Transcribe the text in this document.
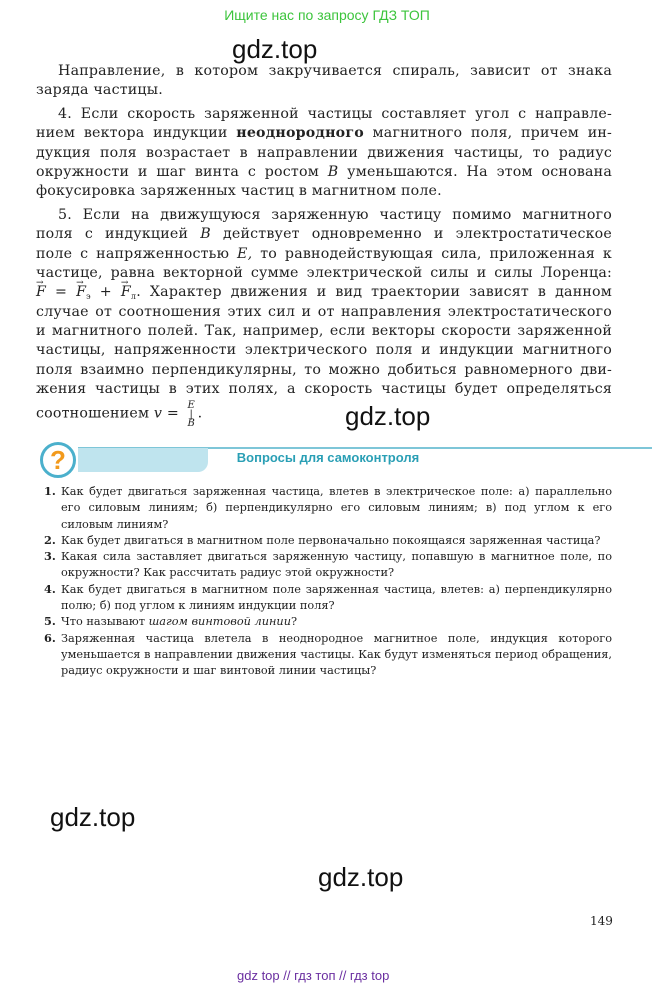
Ищите нас по запросу ГДЗ ТОП
gdz.top
Направление, в котором закручивается спираль, зависит от знака
заряда частицы.
4. Если скорость заряженной частицы составляет угол с направле-
нием вектора индукции неоднородного магнитного поля, причем ин-
дукция поля возрастает в направлении движения частицы, то радиус
окружности и шаг винта с ростом B уменьшаются. На этом основана
фокусировка заряженных частиц в магнитном поле.
5. Если на движущуюся заряженную частицу помимо магнитного
поля с индукцией B действует одновременно и электростатическое
поле с напряженностью E, то равнодействующая сила, приложенная к
частице, равна векторной сумме электрической силы и силы Лоренца:
→ F = → $F_э$ + → $F_л$. Характер движения и вид траектории зависят в данном
случае от соотношения этих сил и от направления электростатического
и магнитного полей. Так, например, если векторы скорости заряженной
частицы, напряженности электрического поля и индукции магнитного
поля взаимно перпендикулярны, то можно добиться равномерного дви-
жения частицы в этих полях, а скорость частицы будет определяться
соотношением v = E|B.	gdz.top
?	Вопросы для самоконтроля
1. Как будет двигаться заряженная частица, влетев в электрическое поле: а) параллельно его силовым линиям; б) перпендикулярно его силовым линиям; в) под углом к его силовым линиям?
2. Как будет двигаться в магнитном поле первоначально покоящаяся заряженная частица?
3. Какая сила заставляет двигаться заряженную частицу, попавшую в магнитное поле, по окружности? Как рассчитать радиус этой окружности?
4. Как будет двигаться в магнитном поле заряженная частица, влетев: а) перпендикулярно полю; б) под углом к линиям индукции поля?
5. Что называют шагом винтовой линии?
6. Заряженная частица влетела в неоднородное магнитное поле, индукция которого уменьшается в направлении движения частицы. Как будут изменяться период обращения, радиус окружности и шаг винтовой линии частицы?
gdz.top
gdz.top
149
gdz top // гдз топ // гдз top
